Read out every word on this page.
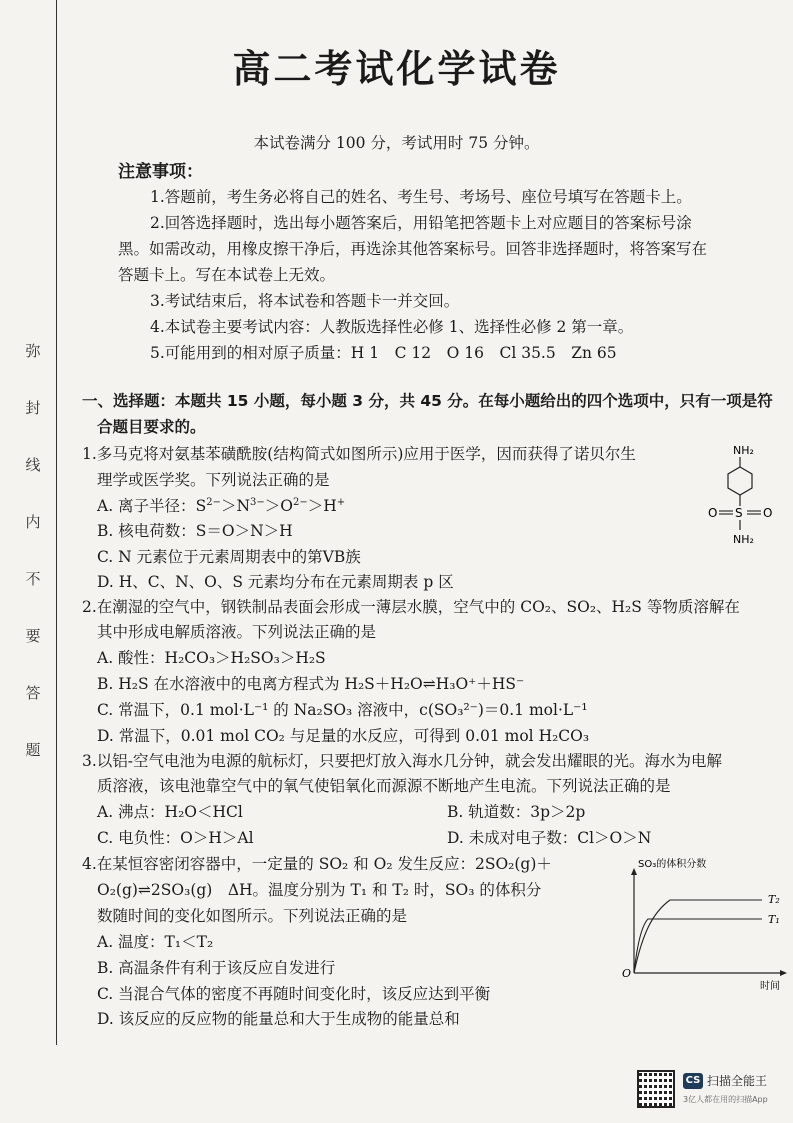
弥
封
线
内
不
要
答
题
高二考试化学试卷
本试卷满分 100 分，考试用时 75 分钟。
注意事项：
1.答题前，考生务必将自己的姓名、考生号、考场号、座位号填写在答题卡上。
2.回答选择题时，选出每小题答案后，用铅笔把答题卡上对应题目的答案标号涂
黑。如需改动，用橡皮擦干净后，再选涂其他答案标号。回答非选择题时，将答案写在
答题卡上。写在本试卷上无效。
3.考试结束后，将本试卷和答题卡一并交回。
4.本试卷主要考试内容：人教版选择性必修 1、选择性必修 2 第一章。
5.可能用到的相对原子质量：H 1　C 12　O 16　Cl 35.5　Zn 65
一、选择题：本题共 15 小题，每小题 3 分，共 45 分。在每小题给出的四个选项中，只有一项是符
合题目要求的。
1.多马克将对氨基苯磺酰胺(结构简式如图所示)应用于医学，因而获得了诺贝尔生
理学或医学奖。下列说法正确的是
A. 离子半径：$S^{2-}>N^{3-}>O^{2-}>H^+$
B. 核电荷数：S＝O＞N＞H
C. N 元素位于元素周期表中的第ⅤB族
D. H、C、N、O、S 元素均分布在元素周期表 p 区
NH₂
S
O	O
NH₂
2.在潮湿的空气中，钢铁制品表面会形成一薄层水膜，空气中的 CO₂、SO₂、H₂S 等物质溶解在
其中形成电解质溶液。下列说法正确的是
A. 酸性：H₂CO₃＞H₂SO₃＞H₂S
B. H₂S 在水溶液中的电离方程式为 H₂S＋H₂O⇌H₃O⁺＋HS⁻
C. 常温下，0.1 mol·L⁻¹ 的 Na₂SO₃ 溶液中，c(SO₃²⁻)＝0.1 mol·L⁻¹
D. 常温下，0.01 mol CO₂ 与足量的水反应，可得到 0.01 mol H₂CO₃
3.以铝-空气电池为电源的航标灯，只要把灯放入海水几分钟，就会发出耀眼的光。海水为电解
质溶液，该电池靠空气中的氧气使铝氧化而源源不断地产生电流。下列说法正确的是
A. 沸点：H₂O＜HCl	B. 轨道数：3p＞2p
C. 电负性：O＞H＞Al	D. 未成对电子数：Cl＞O＞N
4.在某恒容密闭容器中，一定量的 SO₂ 和 O₂ 发生反应：2SO₂(g)＋
O₂(g)⇌2SO₃(g)　ΔH。温度分别为 T₁ 和 T₂ 时，SO₃ 的体积分
数随时间的变化如图所示。下列说法正确的是
A. 温度：T₁＜T₂
B. 高温条件有利于该反应自发进行
C. 当混合气体的密度不再随时间变化时，该反应达到平衡
D. 该反应的反应物的能量总和大于生成物的能量总和
SO₃的体积分数
O
时间
T₂
T₁
CS 扫描全能王
3亿人都在用的扫描App
